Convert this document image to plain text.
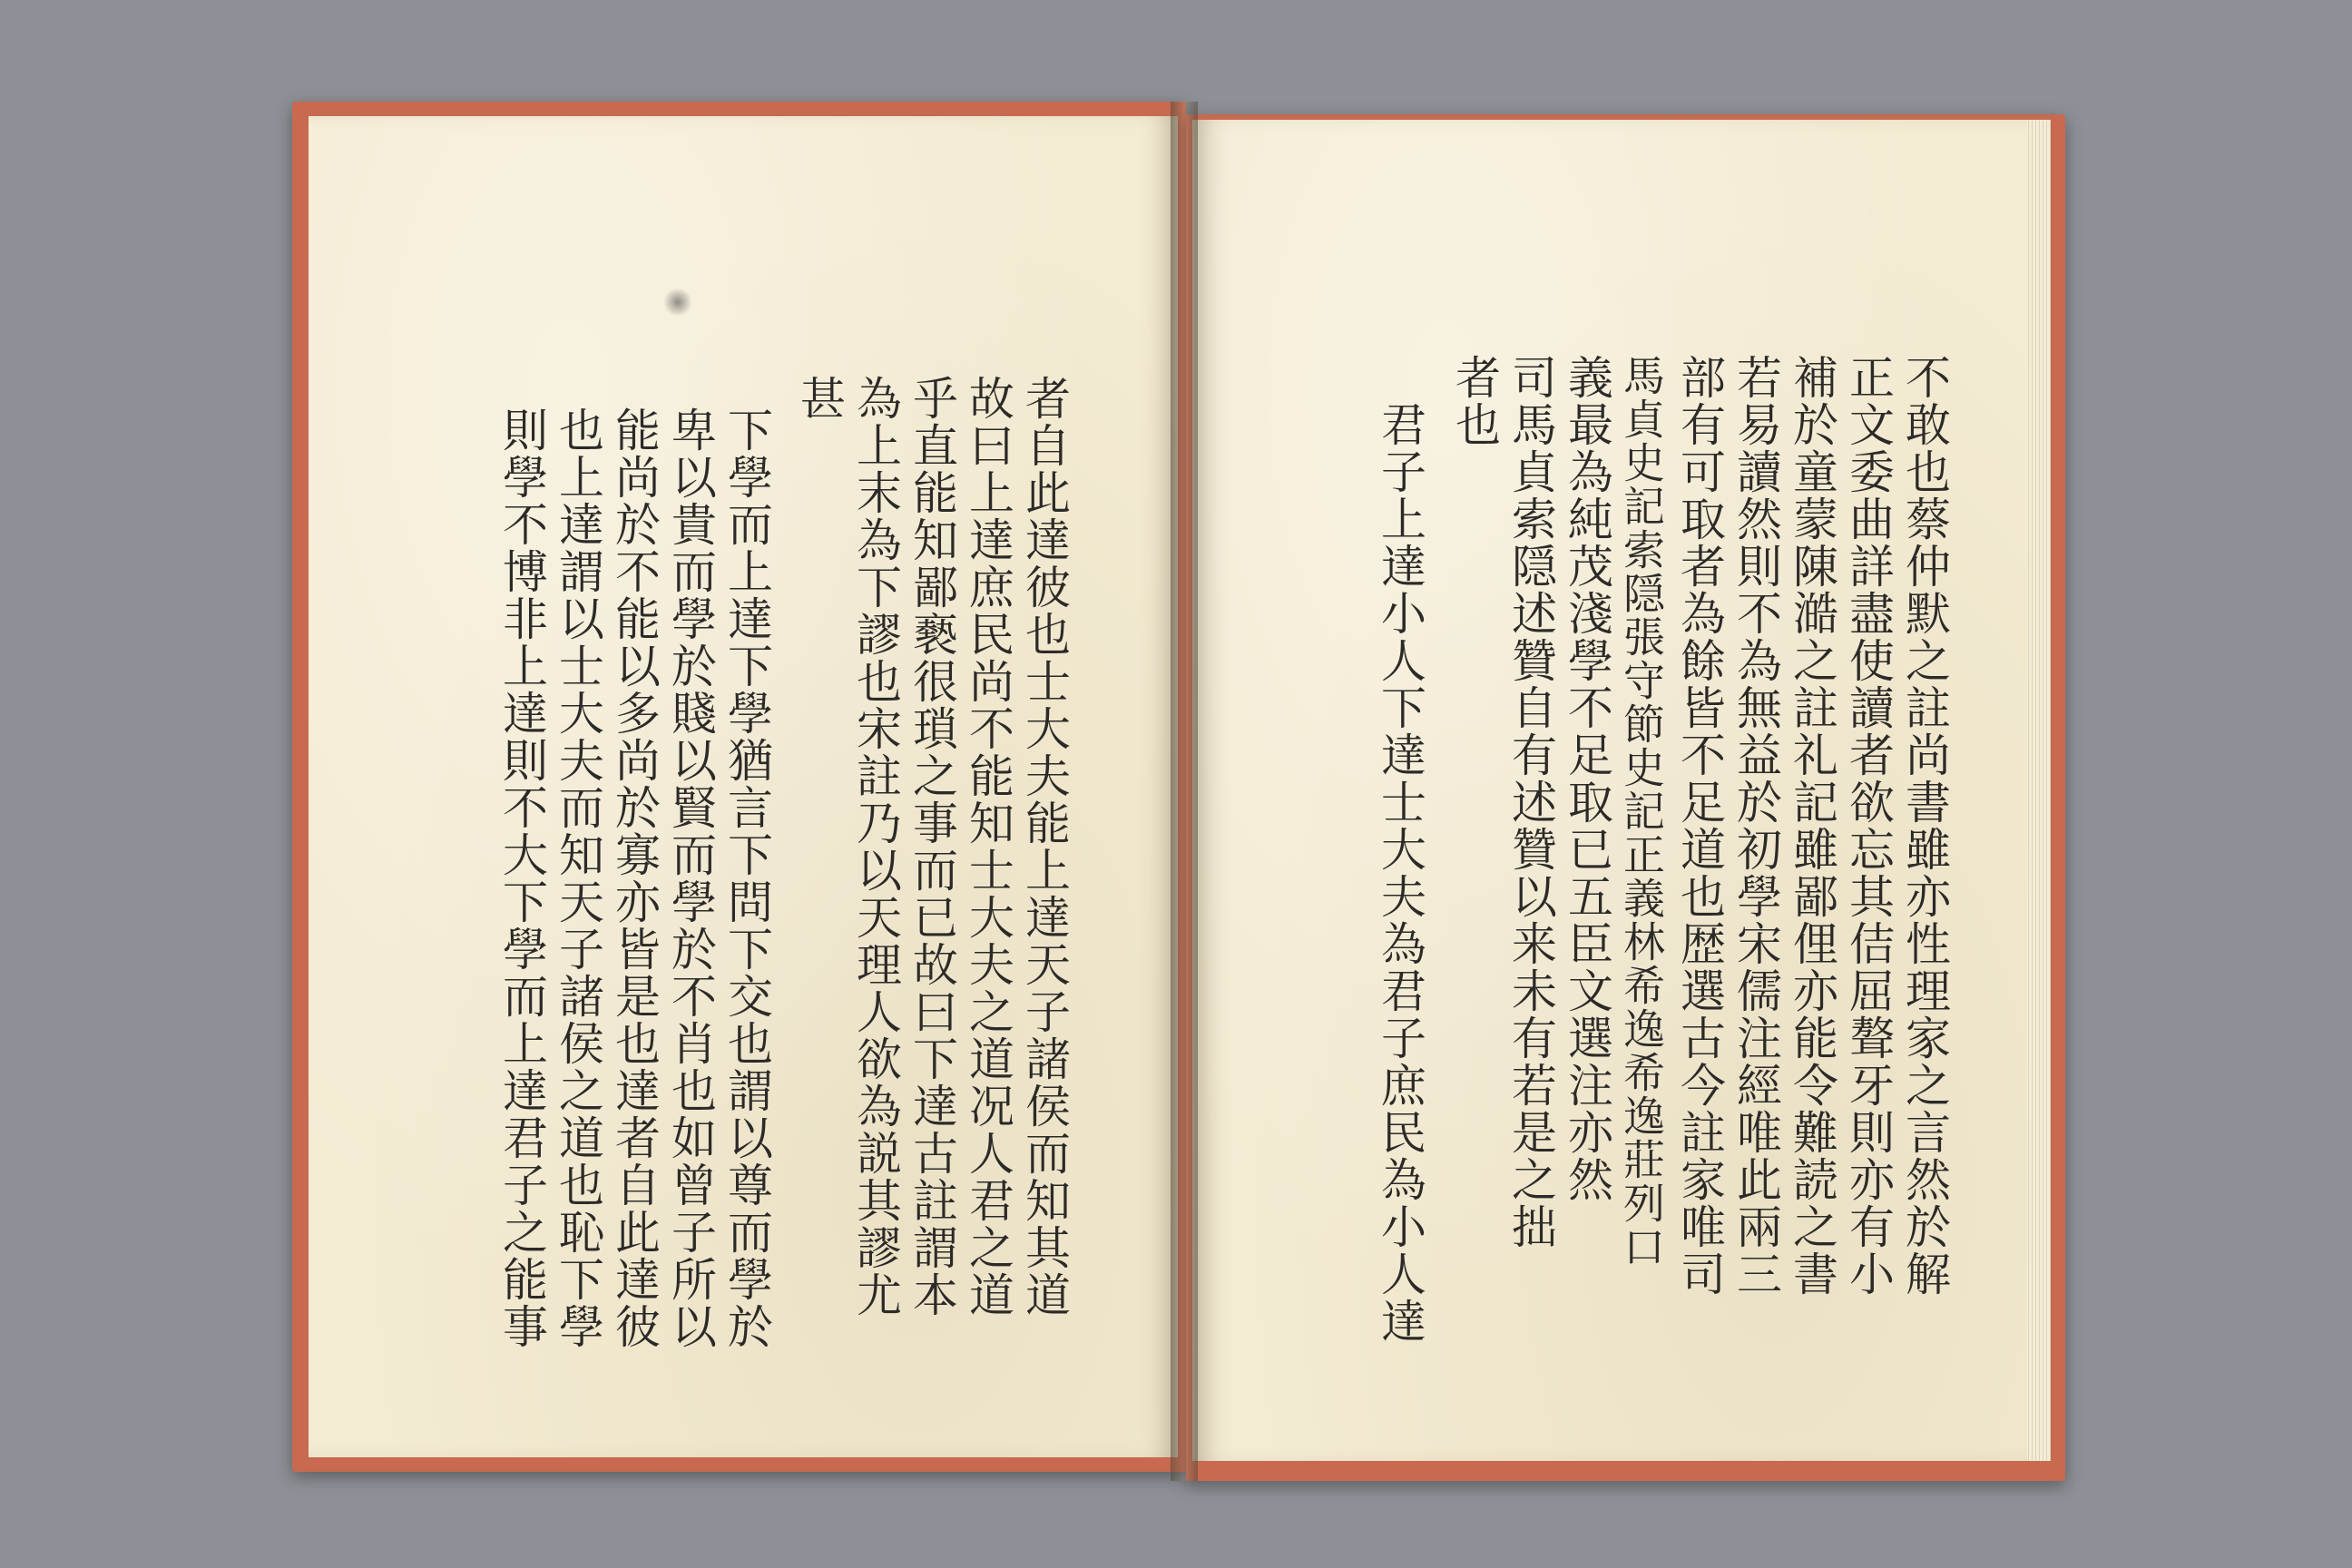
者自此達彼也士大夫能上達天子諸侯而知其道
故曰上達庶民尚不能知士大夫之道况人君之道
乎直能知鄙褻很瑣之事而已故曰下達古註謂本
為上末為下謬也宋註乃以天理人欲為説其謬尤
甚
下學而上達下學猶言下問下交也謂以尊而學於
卑以貴而學於賤以賢而學於不肖也如曾子所以
能尚於不能以多尚於寡亦皆是也達者自此達彼
也上達謂以士大夫而知天子諸侯之道也恥下學
則學不博非上達則不大下學而上達君子之能事	不敢也蔡仲默之註尚書雖亦性理家之言然於解
正文委曲詳盡使讀者欲忘其佶屈聱牙則亦有小
補於童蒙陳澔之註礼記雖鄙俚亦能令難読之書
若易讀然則不為無益於初學宋儒注經唯此兩三
部有可取者為餘皆不足道也歴選古今註家唯司
馬貞史記索隠張守節史記正義林希逸希逸莊列口
義最為純茂淺學不足取已五臣文選注亦然
司馬貞索隠述贊自有述贊以来未有若是之拙
者也
君子上達小人下達士大夫為君子庶民為小人達
